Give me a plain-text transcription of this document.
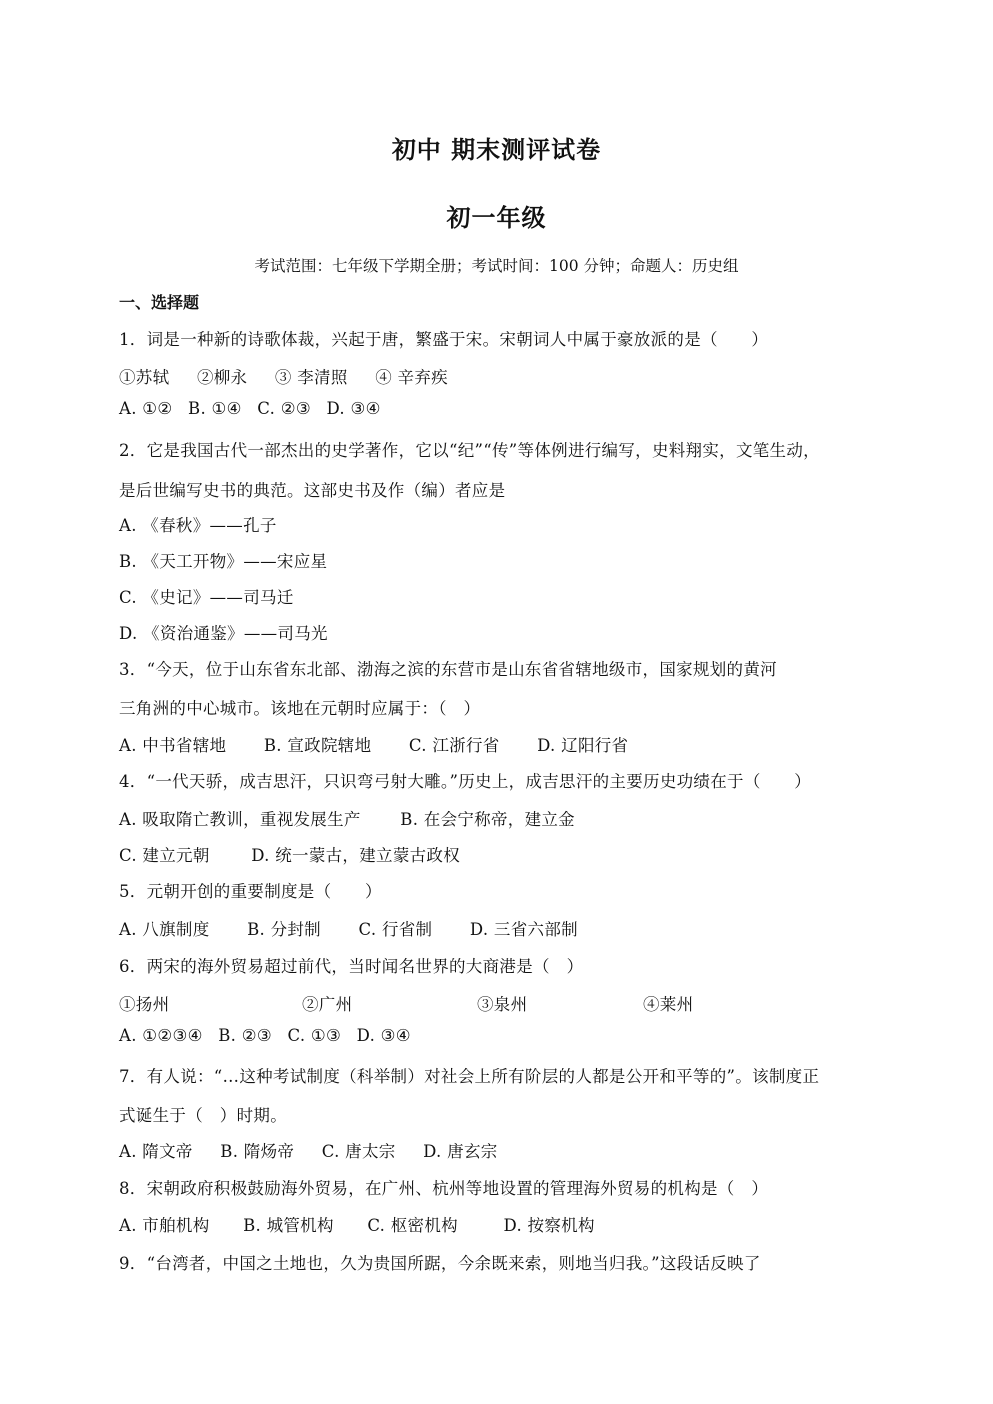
初中 期末测评试卷
初一年级
考试范围：七年级下学期全册；考试时间：100 分钟；命题人：历史组
一、选择题
1．词是一种新的诗歌体裁，兴起于唐，繁盛于宋。宋朝词人中属于豪放派的是（　　）
①苏轼 ②柳永 ③ 李清照 ④ 辛弃疾
A. ①② B. ①④ C. ②③ D. ③④
2．它是我国古代一部杰出的史学著作，它以“纪”“传”等体例进行编写，史料翔实，文笔生动，
是后世编写史书的典范。这部史书及作（编）者应是
A. 《春秋》——孔子
B. 《天工开物》——宋应星
C. 《史记》——司马迁
D. 《资治通鉴》——司马光
3．“今天，位于山东省东北部、渤海之滨的东营市是山东省省辖地级市，国家规划的黄河
三角洲的中心城市。该地在元朝时应属于：（　）
A. 中书省辖地 B. 宣政院辖地 C. 江浙行省 D. 辽阳行省
4．“一代天骄，成吉思汗，只识弯弓射大雕。”历史上，成吉思汗的主要历史功绩在于（　　）
A. 吸取隋亡教训，重视发展生产 B. 在会宁称帝，建立金
C. 建立元朝	D. 统一蒙古，建立蒙古政权
5．元朝开创的重要制度是（　　）
A. 八旗制度 B. 分封制 C. 行省制 D. 三省六部制
6．两宋的海外贸易超过前代，当时闻名世界的大商港是（　）
①扬州	②广州	③泉州	④莱州
A. ①②③④ B. ②③ C. ①③ D. ③④
7．有人说：“…这种考试制度（科举制）对社会上所有阶层的人都是公开和平等的”。该制度正
式诞生于（　）时期。
A. 隋文帝 B. 隋炀帝 C. 唐太宗 D. 唐玄宗
8．宋朝政府积极鼓励海外贸易，在广州、杭州等地设置的管理海外贸易的机构是（　）
A. 市舶机构 B. 城管机构 C. 枢密机构	D. 按察机构
9．“台湾者，中国之土地也，久为贵国所踞，今余既来索，则地当归我。”这段话反映了
